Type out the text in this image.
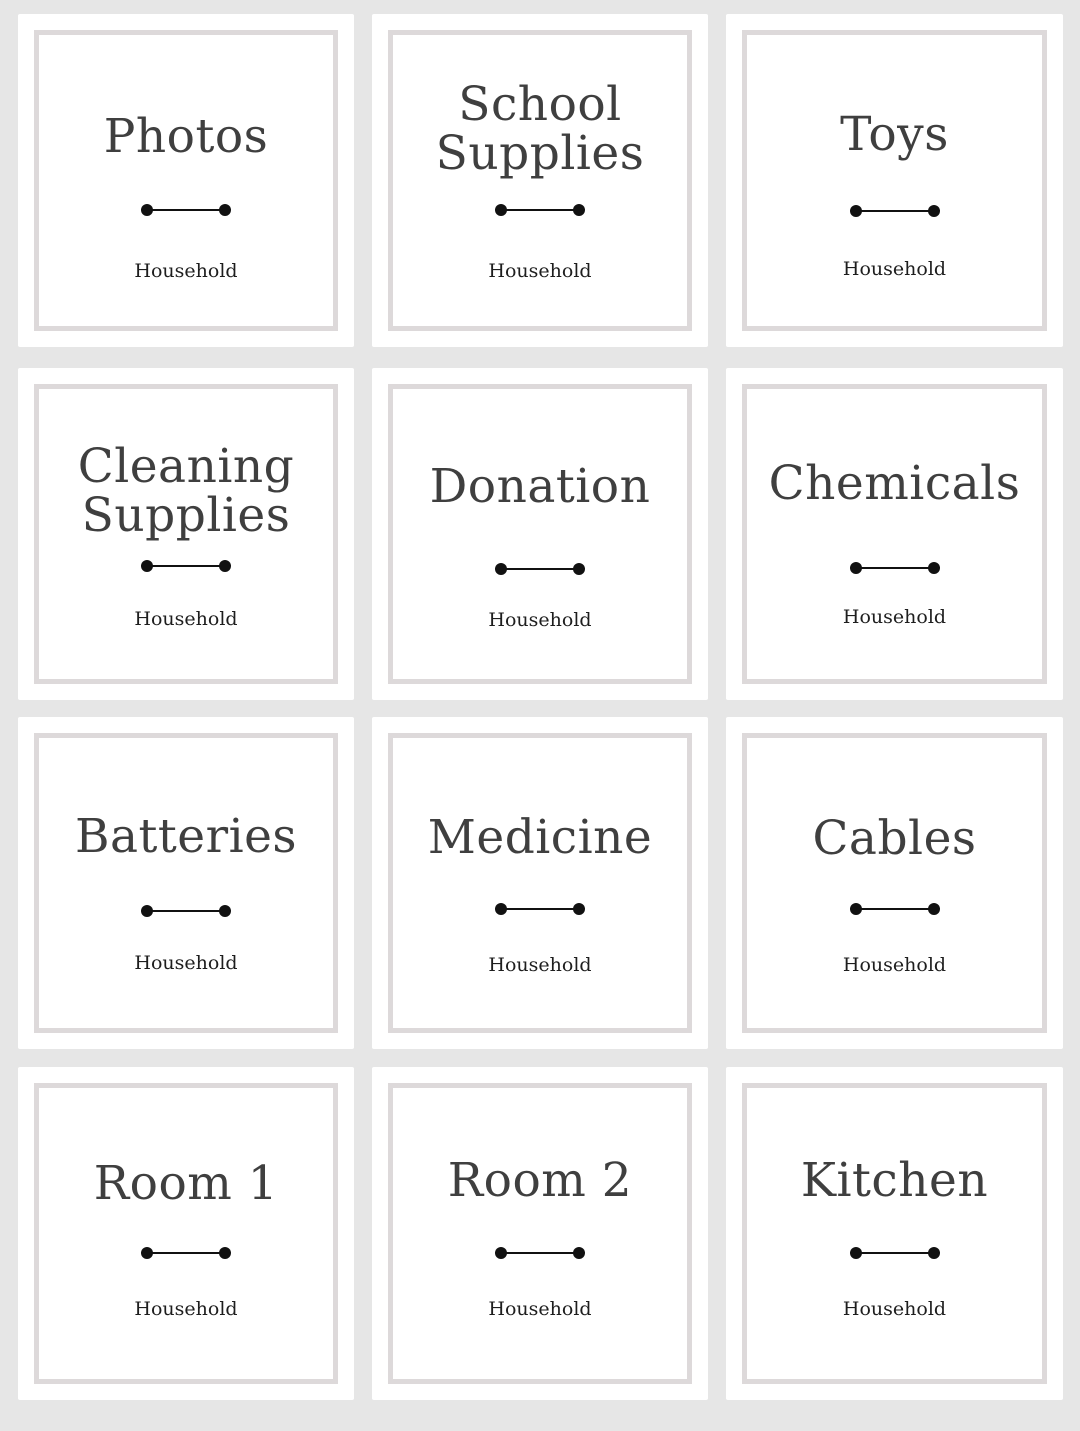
Photos
Household
School
Supplies
Household
Toys
Household
Cleaning
Supplies
Household
Donation
Household
Chemicals
Household
Batteries
Household
Medicine
Household
Cables
Household
Room 1
Household
Room 2
Household
Kitchen
Household
